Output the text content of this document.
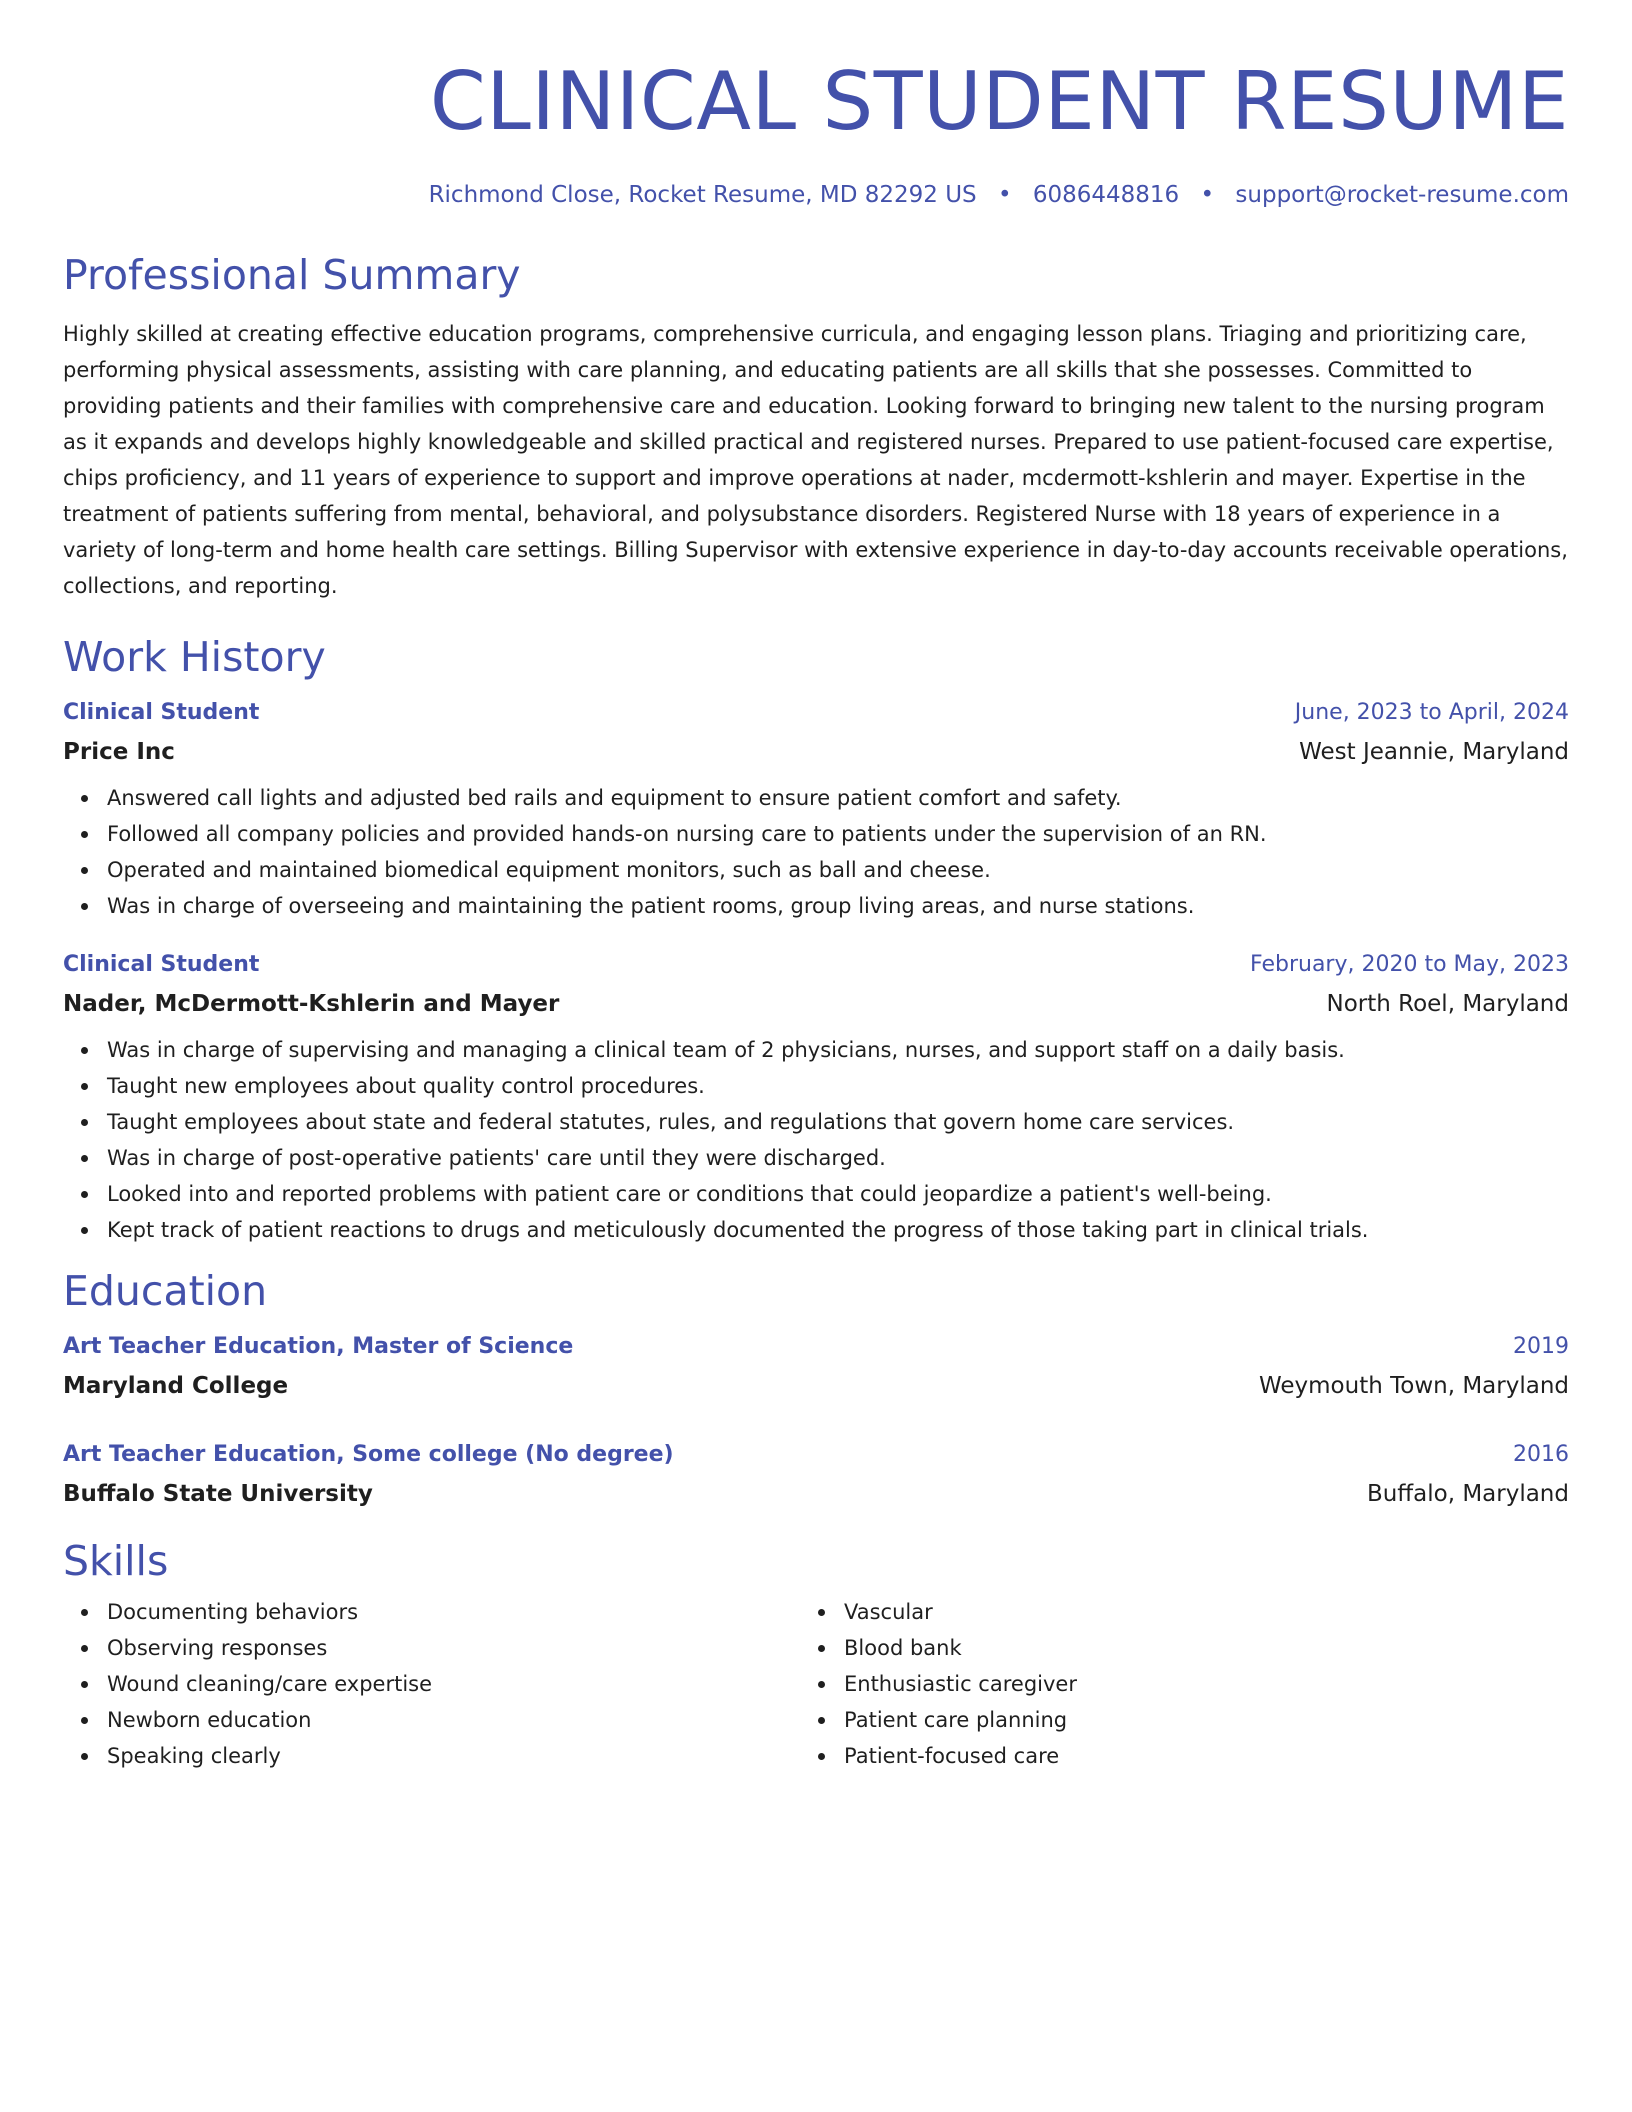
CLINICAL STUDENT RESUME
Richmond Close, Rocket Resume, MD 82292 US • 6086448816 • support@rocket-resume.com
Professional Summary
Highly skilled at creating effective education programs, comprehensive curricula, and engaging lesson plans. Triaging and prioritizing care, performing physical assessments, assisting with care planning, and educating patients are all skills that she possesses. Committed to providing patients and their families with comprehensive care and education. Looking forward to bringing new talent to the nursing program as it expands and develops highly knowledgeable and skilled practical and registered nurses. Prepared to use patient-focused care expertise, chips proficiency, and 11 years of experience to support and improve operations at nader, mcdermott-kshlerin and mayer. Expertise in the treatment of patients suffering from mental, behavioral, and polysubstance disorders. Registered Nurse with 18 years of experience in a variety of long-term and home health care settings. Billing Supervisor with extensive experience in day-to-day accounts receivable operations, collections, and reporting.
Work History
Clinical Student	June, 2023 to April, 2024
Price Inc	West Jeannie, Maryland
Answered call lights and adjusted bed rails and equipment to ensure patient comfort and safety.
Followed all company policies and provided hands-on nursing care to patients under the supervision of an RN.
Operated and maintained biomedical equipment monitors, such as ball and cheese.
Was in charge of overseeing and maintaining the patient rooms, group living areas, and nurse stations.
Clinical Student	February, 2020 to May, 2023
Nader, McDermott-Kshlerin and Mayer	North Roel, Maryland
Was in charge of supervising and managing a clinical team of 2 physicians, nurses, and support staff on a daily basis.
Taught new employees about quality control procedures.
Taught employees about state and federal statutes, rules, and regulations that govern home care services.
Was in charge of post-operative patients' care until they were discharged.
Looked into and reported problems with patient care or conditions that could jeopardize a patient's well-being.
Kept track of patient reactions to drugs and meticulously documented the progress of those taking part in clinical trials.
Education
Art Teacher Education, Master of Science	2019
Maryland College	Weymouth Town, Maryland
Art Teacher Education, Some college (No degree)	2016
Buffalo State University	Buffalo, Maryland
Skills
Documenting behaviors
Observing responses
Wound cleaning/care expertise
Newborn education
Speaking clearly
Vascular
Blood bank
Enthusiastic caregiver
Patient care planning
Patient-focused care
